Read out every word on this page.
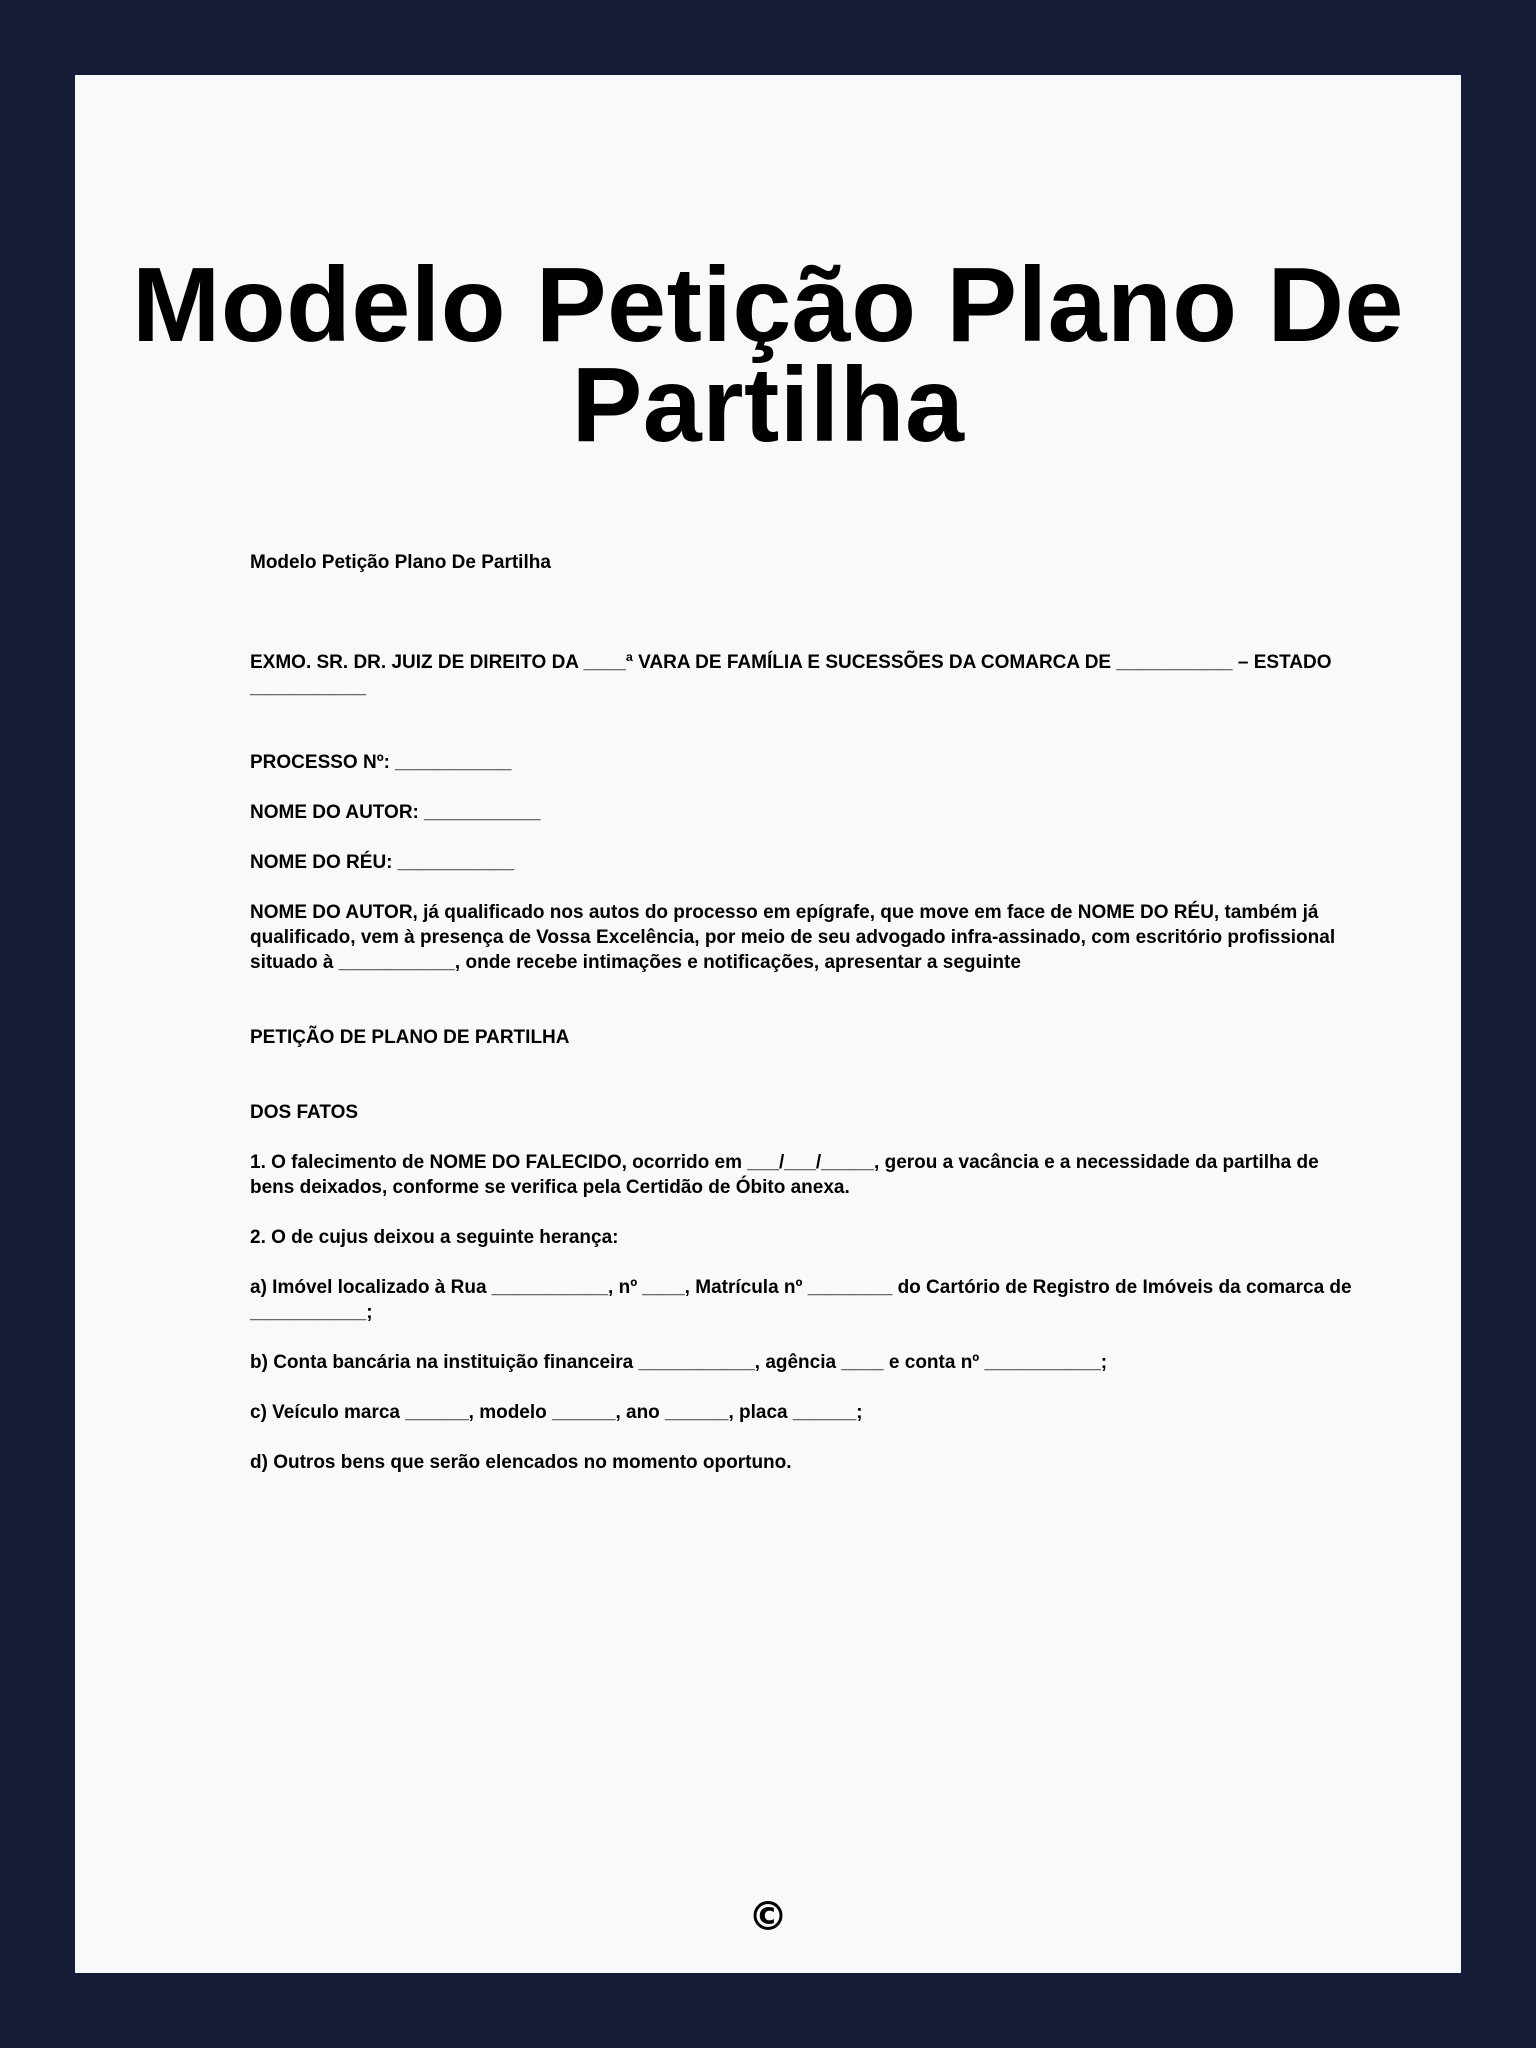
Modelo Petição Plano De Partilha

Modelo Petição Plano De Partilha

EXMO. SR. DR. JUIZ DE DIREITO DA ____ª VARA DE FAMÍLIA E SUCESSÕES DA COMARCA DE ___________ – ESTADO ___________

PROCESSO Nº: ___________

NOME DO AUTOR: ___________

NOME DO RÉU: ___________

NOME DO AUTOR, já qualificado nos autos do processo em epígrafe, que move em face de NOME DO RÉU, também já qualificado, vem à presença de Vossa Excelência, por meio de seu advogado infra-assinado, com escritório profissional situado à ___________, onde recebe intimações e notificações, apresentar a seguinte

PETIÇÃO DE PLANO DE PARTILHA

DOS FATOS

1. O falecimento de NOME DO FALECIDO, ocorrido em ___/___/_____, gerou a vacância e a necessidade da partilha de bens deixados, conforme se verifica pela Certidão de Óbito anexa.

2. O de cujus deixou a seguinte herança:

a) Imóvel localizado à Rua ___________, nº ____, Matrícula nº ________ do Cartório de Registro de Imóveis da comarca de ___________;

b) Conta bancária na instituição financeira ___________, agência ____ e conta nº ___________;

c) Veículo marca ______, modelo ______, ano ______, placa ______;

d) Outros bens que serão elencados no momento oportuno.

©
